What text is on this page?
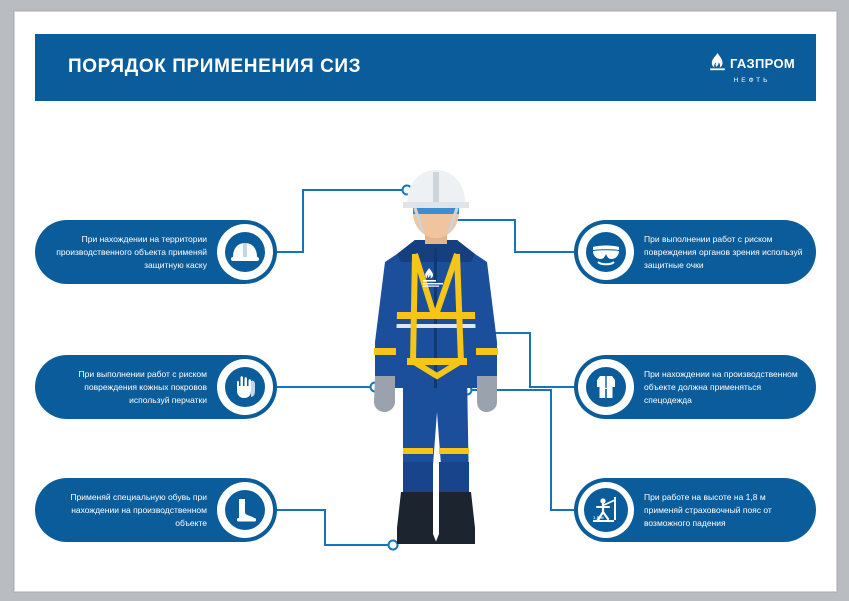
ПОРЯДОК ПРИМЕНЕНИЯ СИЗ	ГАЗПРОМ
НЕФТЬ
При нахождении на территории производственного объекта применяй защитную каску
При выполнении работ с риском повреждения кожных покровов используй перчатки
Применяй специальную обувь при нахождении на производственном объекте
При выполнении работ с риском повреждения органов зрения используй защитные очки
При нахождении на производственном объекте должна применяться спецодежда
1,8 м
При работе на высоте на 1,8 м применяй страховочный пояс от возможного падения
